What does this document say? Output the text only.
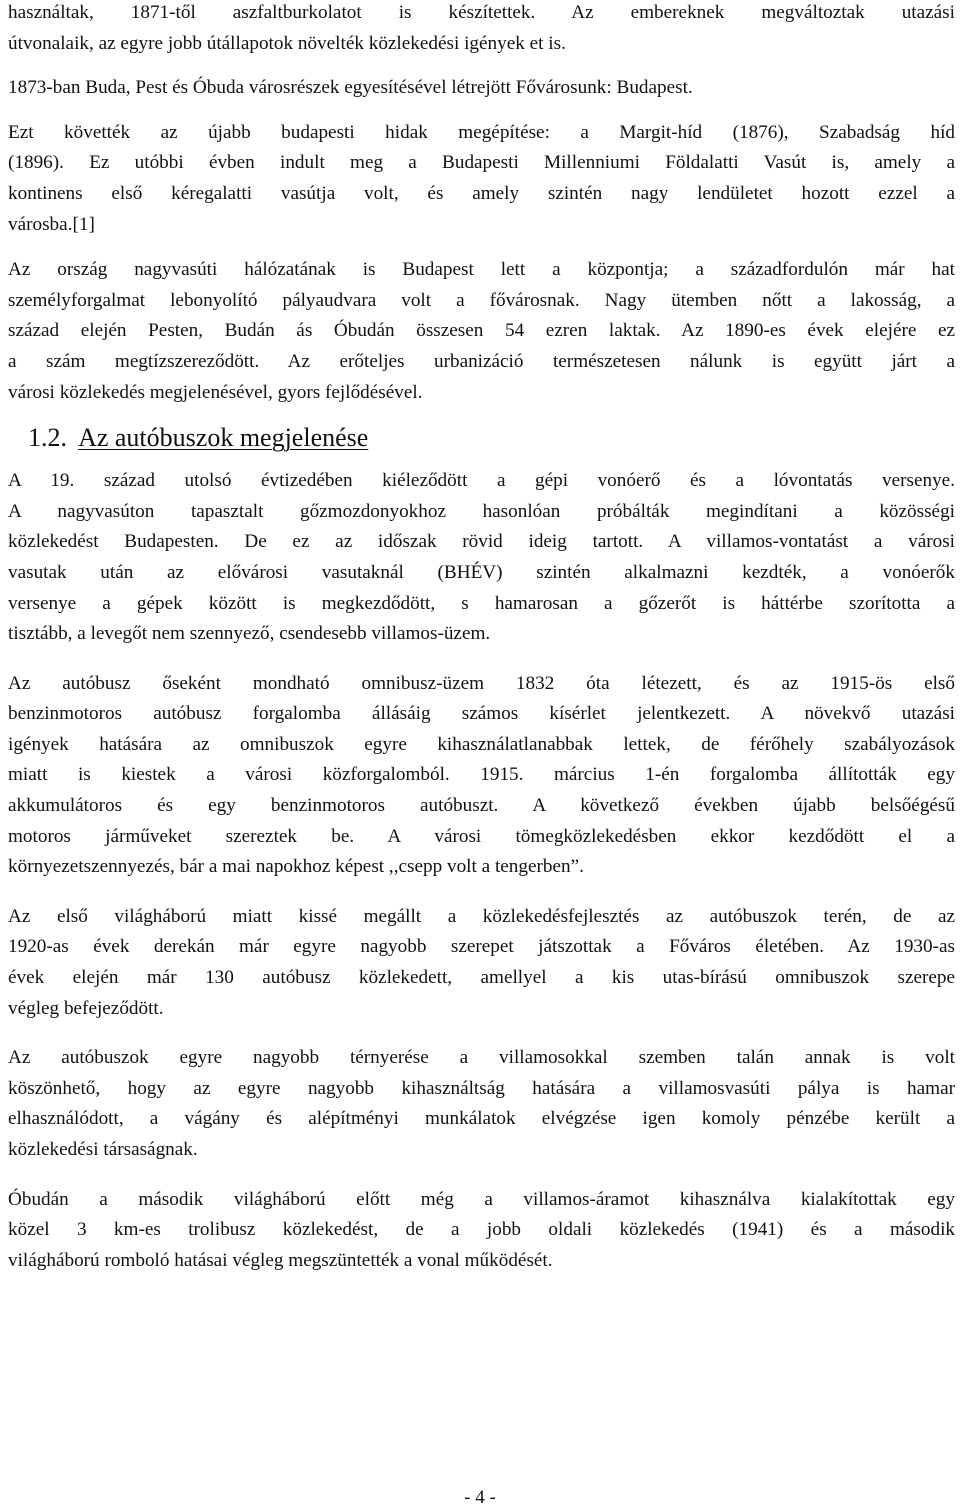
használtak, 1871-től aszfaltburkolatot is készítettek. Az embereknek megváltoztak utazási
útvonalaik, az egyre jobb útállapotok növelték közlekedési igények et is.
1873-ban Buda, Pest és Óbuda városrészek egyesítésével létrejött Fővárosunk: Budapest.
Ezt követték az újabb budapesti hidak megépítése: a Margit-híd (1876), Szabadság híd
(1896). Ez utóbbi évben indult meg a Budapesti Millenniumi Földalatti Vasút is, amely a
kontinens első kéregalatti vasútja volt, és amely szintén nagy lendületet hozott ezzel a
városba.[1]
Az ország nagyvasúti hálózatának is Budapest lett a központja; a századfordulón már hat
személyforgalmat lebonyolító pályaudvara volt a fővárosnak. Nagy ütemben nőtt a lakosság, a
század elején Pesten, Budán ás Óbudán összesen 54 ezren laktak. Az 1890-es évek elejére ez
a szám megtízszereződött. Az erőteljes urbanizáció természetesen nálunk is együtt járt a
városi közlekedés megjelenésével, gyors fejlődésével.
1.2. Az autóbuszok megjelenése
A 19. század utolsó évtizedében kiéleződött a gépi vonóerő és a lóvontatás versenye.
A nagyvasúton tapasztalt gőzmozdonyokhoz hasonlóan próbálták megindítani a közösségi
közlekedést Budapesten. De ez az időszak rövid ideig tartott. A villamos-vontatást a városi
vasutak után az elővárosi vasutaknál (BHÉV) szintén alkalmazni kezdték, a vonóerők
versenye a gépek között is megkezdődött, s hamarosan a gőzerőt is háttérbe szorította a
tisztább, a levegőt nem szennyező, csendesebb villamos-üzem.
Az autóbusz őseként mondható omnibusz-üzem 1832 óta létezett, és az 1915-ös első
benzinmotoros autóbusz forgalomba állásáig számos kísérlet jelentkezett. A növekvő utazási
igények hatására az omnibuszok egyre kihasználatlanabbak lettek, de férőhely szabályozások
miatt is kiestek a városi közforgalomból. 1915. március 1-én forgalomba állították egy
akkumulátoros és egy benzinmotoros autóbuszt. A következő években újabb belsőégésű
motoros járműveket szereztek be. A városi tömegközlekedésben ekkor kezdődött el a
környezetszennyezés, bár a mai napokhoz képest ,,csepp volt a tengerben”.
Az első világháború miatt kissé megállt a közlekedésfejlesztés az autóbuszok terén, de az
1920-as évek derekán már egyre nagyobb szerepet játszottak a Főváros életében. Az 1930-as
évek elején már 130 autóbusz közlekedett, amellyel a kis utas-bírású omnibuszok szerepe
végleg befejeződött.
Az autóbuszok egyre nagyobb térnyerése a villamosokkal szemben talán annak is volt
köszönhető, hogy az egyre nagyobb kihasználtság hatására a villamosvasúti pálya is hamar
elhasználódott, a vágány és alépítményi munkálatok elvégzése igen komoly pénzébe került a
közlekedési társaságnak.
Óbudán a második világháború előtt még a villamos-áramot kihasználva kialakítottak egy
közel 3 km-es trolibusz közlekedést, de a jobb oldali közlekedés (1941) és a második
világháború romboló hatásai végleg megszüntették a vonal működését.
- 4 -
